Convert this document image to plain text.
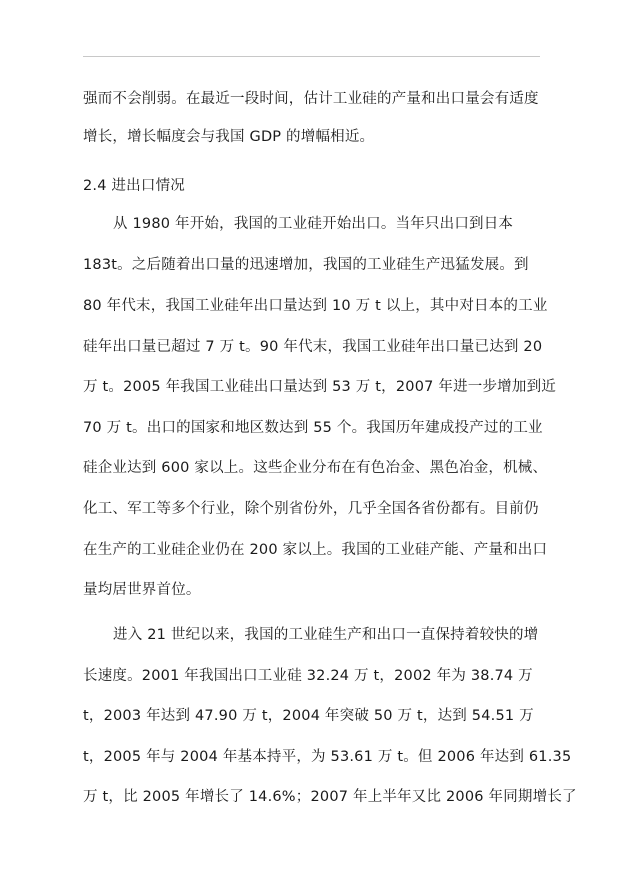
强而不会削弱。在最近一段时间，估计工业硅的产量和出口量会有适度
增长，增长幅度会与我国 GDP 的增幅相近。
2.4 进出口情况
从 1980 年开始，我国的工业硅开始出口。当年只出口到日本
183t。之后随着出口量的迅速增加，我国的工业硅生产迅猛发展。到
80 年代末，我国工业硅年出口量达到 10 万 t 以上，其中对日本的工业
硅年出口量已超过 7 万 t。90 年代末，我国工业硅年出口量已达到 20
万 t。2005 年我国工业硅出口量达到 53 万 t，2007 年进一步增加到近
70 万 t。出口的国家和地区数达到 55 个。我国历年建成投产过的工业
硅企业达到 600 家以上。这些企业分布在有色冶金、黑色冶金，机械、
化工、军工等多个行业，除个别省份外，几乎全国各省份都有。目前仍
在生产的工业硅企业仍在 200 家以上。我国的工业硅产能、产量和出口
量均居世界首位。
进入 21 世纪以来，我国的工业硅生产和出口一直保持着较快的增
长速度。2001 年我国出口工业硅 32.24 万 t，2002 年为 38.74 万
t，2003 年达到 47.90 万 t，2004 年突破 50 万 t，达到 54.51 万
t，2005 年与 2004 年基本持平，为 53.61 万 t。但 2006 年达到 61.35
万 t，比 2005 年增长了 14.6%；2007 年上半年又比 2006 年同期增长了
